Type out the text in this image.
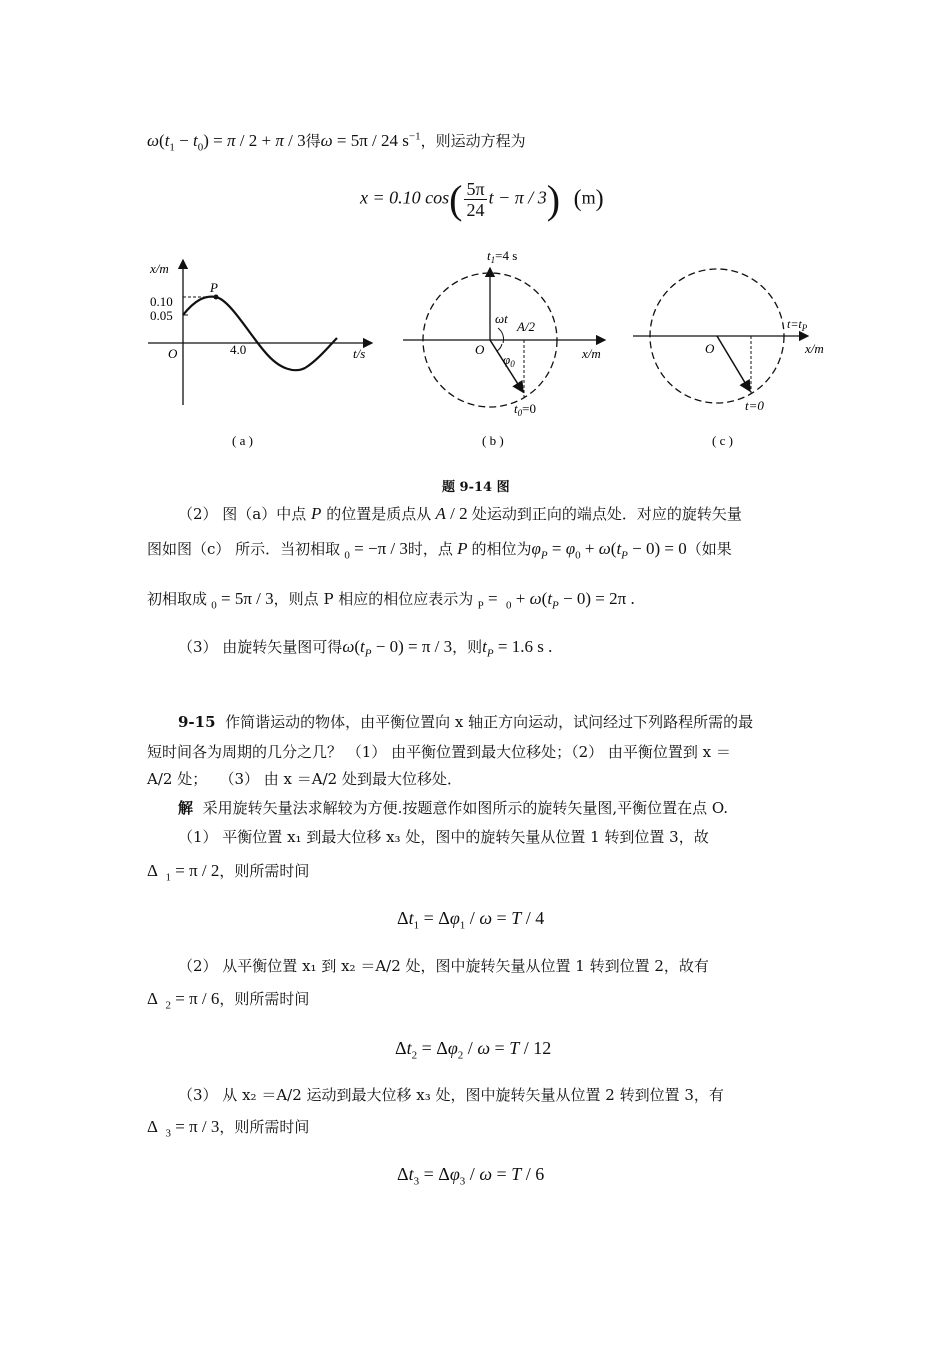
$\omega(t_1 - t_0) = \pi / 2 + \pi / 3$得ω = 5π / 24 $s^{-1}$，则运动方程为
x = 0.10 $\cos( \frac{5\pi}{24}$ t − π / 3) (m)
x/m
0.10
0.05
O	4.0	t/s
P
( a )
$t_1=4$ s
ωt
A/2
O
$\varphi_0$
x/m
$t_0=0$
( b )
$t=t_P$
O	x/m
t=0
( c )
题 9-14 图
（2） 图（a）中点 P 的位置是质点从 A / 2 处运动到正向的端点处．对应的旋转矢量
图如图（c） 所示．当初相取 $_0$ = −π / 3时，点 P 的相位为$\varphi_P = \varphi_0 + \omega(t_P - 0) = 0$（如果
初相取成 $_0$ = 5π / 3，则点 P 相应的相位应表示为 $_P = _0 + \omega(t_P - 0) = 2\pi$ .
（3） 由旋转矢量图可得$\omega(t_P - 0) = \pi / 3$，则$t_P = 1.6$ s .
9-15 作简谐运动的物体，由平衡位置向 x 轴正方向运动，试问经过下列路程所需的最
短时间各为周期的几分之几？ （1） 由平衡位置到最大位移处；（2） 由平衡位置到 x ＝
A/2 处；　 （3） 由 x ＝A/2 处到最大位移处．
解 采用旋转矢量法求解较为方便.按题意作如图所示的旋转矢量图,平衡位置在点 O.
（1） 平衡位置 x₁ 到最大位移 x₃ 处，图中的旋转矢量从位置 1 转到位置 3，故
Δ  $_1$ = π / 2，则所需时间
$\Delta t_1 = \Delta\varphi_1 / \omega = T / 4$
（2） 从平衡位置 x₁ 到 x₂ ＝A/2 处，图中旋转矢量从位置 1 转到位置 2，故有
Δ  $_2$ = π / 6，则所需时间
$\Delta t_2 = \Delta\varphi_2 / \omega = T / 12$
（3） 从 x₂ ＝A/2 运动到最大位移 x₃ 处，图中旋转矢量从位置 2 转到位置 3，有
Δ  $_3$ = π / 3，则所需时间
$\Delta t_3 = \Delta\varphi_3 / \omega = T / 6$
